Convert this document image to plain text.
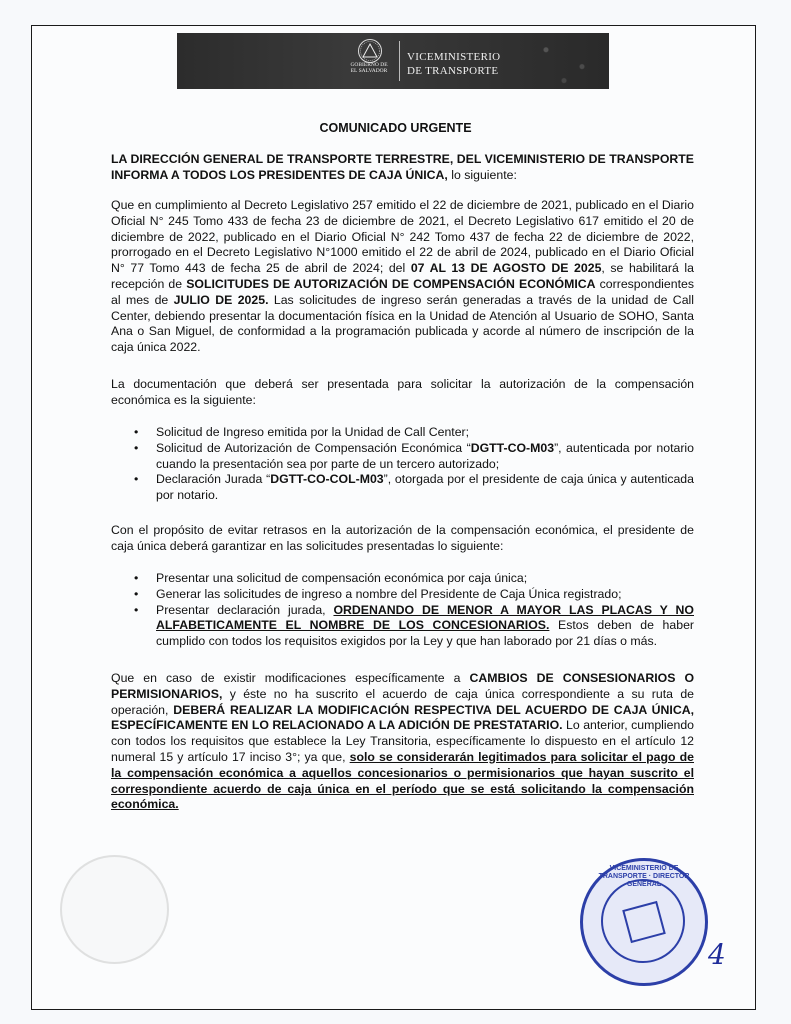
GOBIERNO DE
EL SALVADOR
VICEMINISTERIO
DE TRANSPORTE
COMUNICADO URGENTE
LA DIRECCIÓN GENERAL DE TRANSPORTE TERRESTRE, DEL VICEMINISTERIO DE TRANSPORTE INFORMA A TODOS LOS PRESIDENTES DE CAJA ÚNICA, lo siguiente:
Que en cumplimiento al Decreto Legislativo 257 emitido el 22 de diciembre de 2021, publicado en el Diario Oficial N° 245 Tomo 433 de fecha 23 de diciembre de 2021, el Decreto Legislativo 617 emitido el 20 de diciembre de 2022, publicado en el Diario Oficial N° 242 Tomo 437 de fecha 22 de diciembre de 2022, prorrogado en el Decreto Legislativo N°1000 emitido el 22 de abril de 2024, publicado en el Diario Oficial N° 77 Tomo 443 de fecha 25 de abril de 2024; del 07 AL 13 DE AGOSTO DE 2025, se habilitará la recepción de SOLICITUDES DE AUTORIZACIÓN DE COMPENSACIÓN ECONÓMICA correspondientes al mes de JULIO DE 2025. Las solicitudes de ingreso serán generadas a través de la unidad de Call Center, debiendo presentar la documentación física en la Unidad de Atención al Usuario de SOHO, Santa Ana o San Miguel, de conformidad a la programación publicada y acorde al número de inscripción de la caja única 2022.
La documentación que deberá ser presentada para solicitar la autorización de la compensación económica es la siguiente:
• Solicitud de Ingreso emitida por la Unidad de Call Center;
• Solicitud de Autorización de Compensación Económica “DGTT-CO-M03”, autenticada por notario cuando la presentación sea por parte de un tercero autorizado;
• Declaración Jurada “DGTT-CO-COL-M03”, otorgada por el presidente de caja única y autenticada por notario.
Con el propósito de evitar retrasos en la autorización de la compensación económica, el presidente de caja única deberá garantizar en las solicitudes presentadas lo siguiente:
• Presentar una solicitud de compensación económica por caja única;
• Generar las solicitudes de ingreso a nombre del Presidente de Caja Única registrado;
• Presentar declaración jurada, ORDENANDO DE MENOR A MAYOR LAS PLACAS Y NO ALFABETICAMENTE EL NOMBRE DE LOS CONCESIONARIOS. Estos deben de haber cumplido con todos los requisitos exigidos por la Ley y que han laborado por 21 días o más.
Que en caso de existir modificaciones específicamente a CAMBIOS DE CONSESIONARIOS O PERMISIONARIOS, y éste no ha suscrito el acuerdo de caja única correspondiente a su ruta de operación, DEBERÁ REALIZAR LA MODIFICACIÓN RESPECTIVA DEL ACUERDO DE CAJA ÚNICA, ESPECÍFICAMENTE EN LO RELACIONADO A LA ADICIÓN DE PRESTATARIO. Lo anterior, cumpliendo con todos los requisitos que establece la Ley Transitoria, específicamente lo dispuesto en el artículo 12 numeral 15 y artículo 17 inciso 3°; ya que, solo se considerarán legitimados para solicitar el pago de la compensación económica a aquellos concesionarios o permisionarios que hayan suscrito el correspondiente acuerdo de caja única en el período que se está solicitando la compensación económica.
VICEMINISTERIO DE TRANSPORTE · DIRECTOR GENERAL
4
